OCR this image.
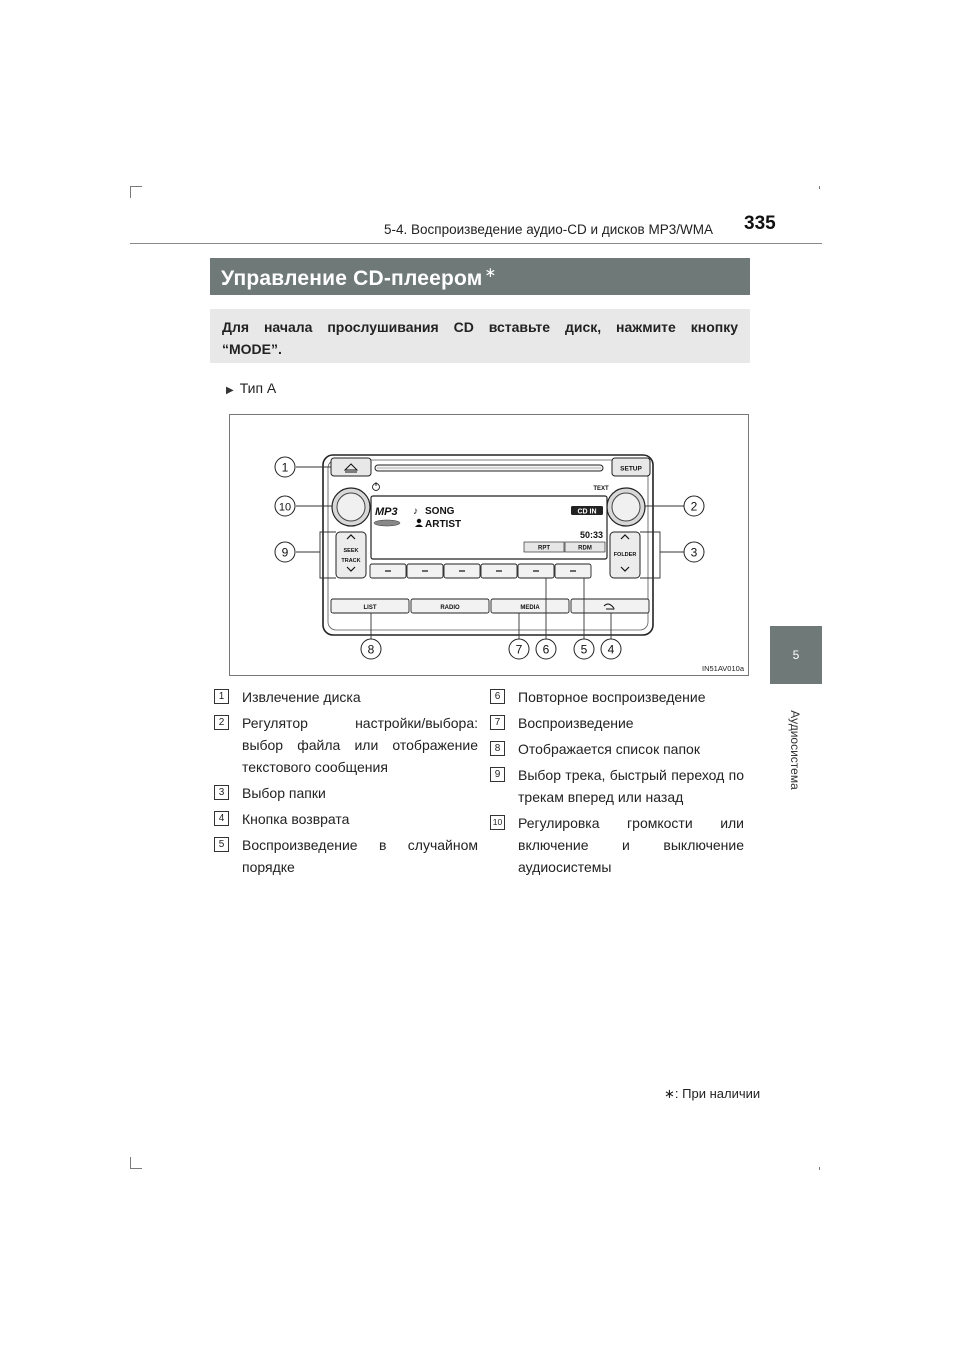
5-4. Воспроизведение аудио-CD и дисков MP3/WMA 335
5
Аудиосистема
Управление CD-плеером ∗
Для начала прослушивания CD вставьте диск, нажмите кнопку
“MODE”.
▶ Тип A
SETUP
TEXT
MP3 ♪ SONG
ARTIST
CD IN
50:33
RPT	RDM
SEEK
TRACK
FOLDER
LIST	RADIO	MEDIA
1
10
9
2
3
8	7 6	5 4
IN51AV010a
1	Извлечение диска
2	Регулятор настройки/выбора: выбор файла или отображение текстового сообщения
3	Выбор папки
4	Кнопка возврата
5	Воспроизведение в случайном порядке
6	Повторное воспроизведение
7	Воспроизведение
8	Отображается список папок
9	Выбор трека, быстрый переход по трекам вперед или назад
10 Регулировка громкости или включение и выключение аудиосистемы
∗: При наличии
